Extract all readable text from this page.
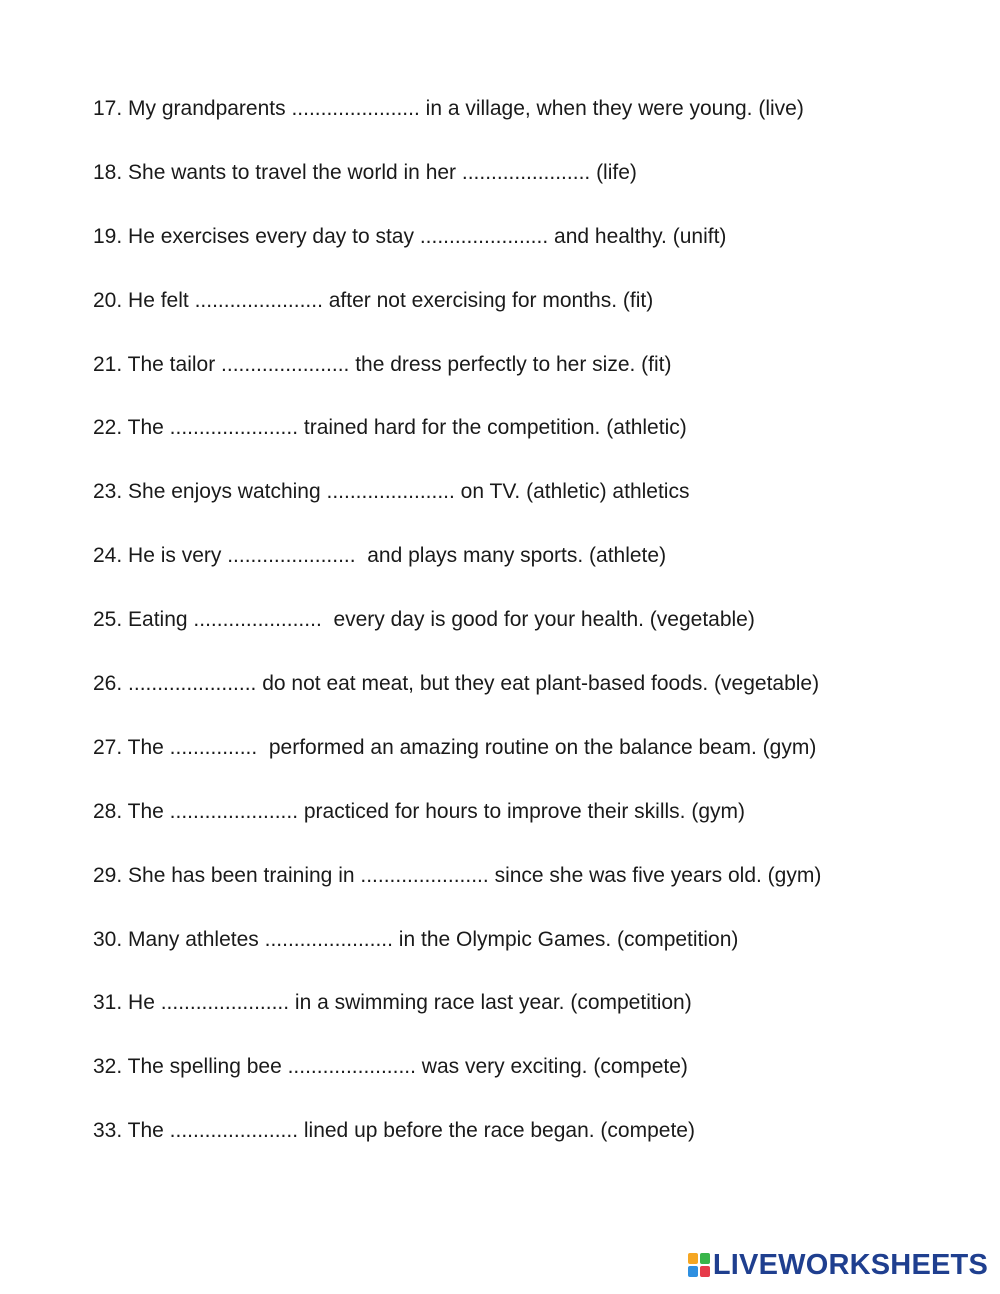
17. My grandparents ...................... in a village, when they were young. (live)
18. She wants to travel the world in her ...................... (life)
19. He exercises every day to stay ...................... and healthy. (unift)
20. He felt ...................... after not exercising for months. (fit)
21. The tailor ...................... the dress perfectly to her size. (fit)
22. The ...................... trained hard for the competition. (athletic)
23. She enjoys watching ...................... on TV. (athletic) athletics
24. He is very ......................  and plays many sports. (athlete)
25. Eating ......................  every day is good for your health. (vegetable)
26. ...................... do not eat meat, but they eat plant-based foods. (vegetable)
27. The ...............  performed an amazing routine on the balance beam. (gym)
28. The ...................... practiced for hours to improve their skills. (gym)
29. She has been training in ...................... since she was five years old. (gym)
30. Many athletes ...................... in the Olympic Games. (competition)
31. He ...................... in a swimming race last year. (competition)
32. The spelling bee ...................... was very exciting. (compete)
33. The ...................... lined up before the race began. (compete)
LIVEWORKSHEETS
